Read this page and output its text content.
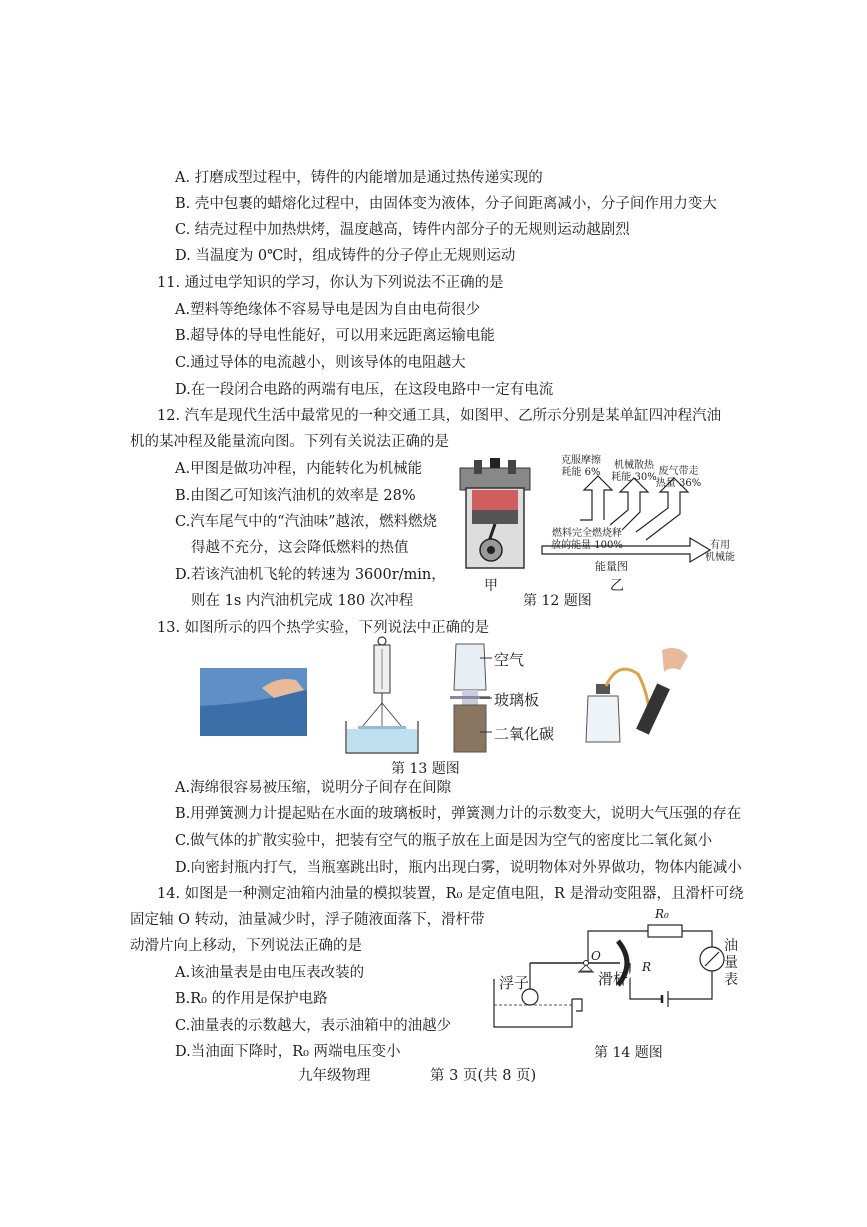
A. 打磨成型过程中，铸件的内能增加是通过热传递实现的
B. 壳中包裹的蜡熔化过程中，由固体变为液体，分子间距离减小，分子间作用力变大
C. 结壳过程中加热烘烤，温度越高，铸件内部分子的无规则运动越剧烈
D. 当温度为 0℃时，组成铸件的分子停止无规则运动
11. 通过电学知识的学习，你认为下列说法不正确的是
A.塑料等绝缘体不容易导电是因为自由电荷很少
B.超导体的导电性能好，可以用来远距离运输电能
C.通过导体的电流越小，则该导体的电阻越大
D.在一段闭合电路的两端有电压，在这段电路中一定有电流
12. 汽车是现代生活中最常见的一种交通工具，如图甲、乙所示分别是某单缸四冲程汽油
机的某冲程及能量流向图。下列有关说法正确的是
A.甲图是做功冲程，内能转化为机械能
B.由图乙可知该汽油机的效率是 28%
C.汽车尾气中的“汽油味”越浓，燃料燃烧
得越不充分，这会降低燃料的热值
D.若该汽油机飞轮的转速为 3600r/min，
则在 1s 内汽油机完成 180 次冲程
甲
克服摩擦
耗能 6%
机械散热
耗能 30%
废气带走
热量 36%
燃料完全燃烧释
放的能量 100%	有用
机械能
能量图
乙
第 12 题图
13. 如图所示的四个热学实验，下列说法中正确的是
空气
玻璃板
二氧化碳
第 13 题图
A.海绵很容易被压缩，说明分子间存在间隙
B.用弹簧测力计提起贴在水面的玻璃板时，弹簧测力计的示数变大，说明大气压强的存在
C.做气体的扩散实验中，把装有空气的瓶子放在上面是因为空气的密度比二氧化氮小
D.向密封瓶内打气，当瓶塞跳出时，瓶内出现白雾，说明物体对外界做功，物体内能减小
14. 如图是一种测定油箱内油量的模拟装置，R₀ 是定值电阻，R 是滑动变阻器，且滑杆可绕
固定轴 O 转动，油量减少时，浮子随液面落下，滑杆带
动滑片向上移动，下列说法正确的是
A.该油量表是由电压表改装的
B.R₀ 的作用是保护电路
C.油量表的示数越大，表示油箱中的油越少
D.当油面下降时，R₀ 两端电压变小
R₀
O
R
浮子	滑杆
油量表
第 14 题图
九年级物理	第 3 页(共 8 页)
